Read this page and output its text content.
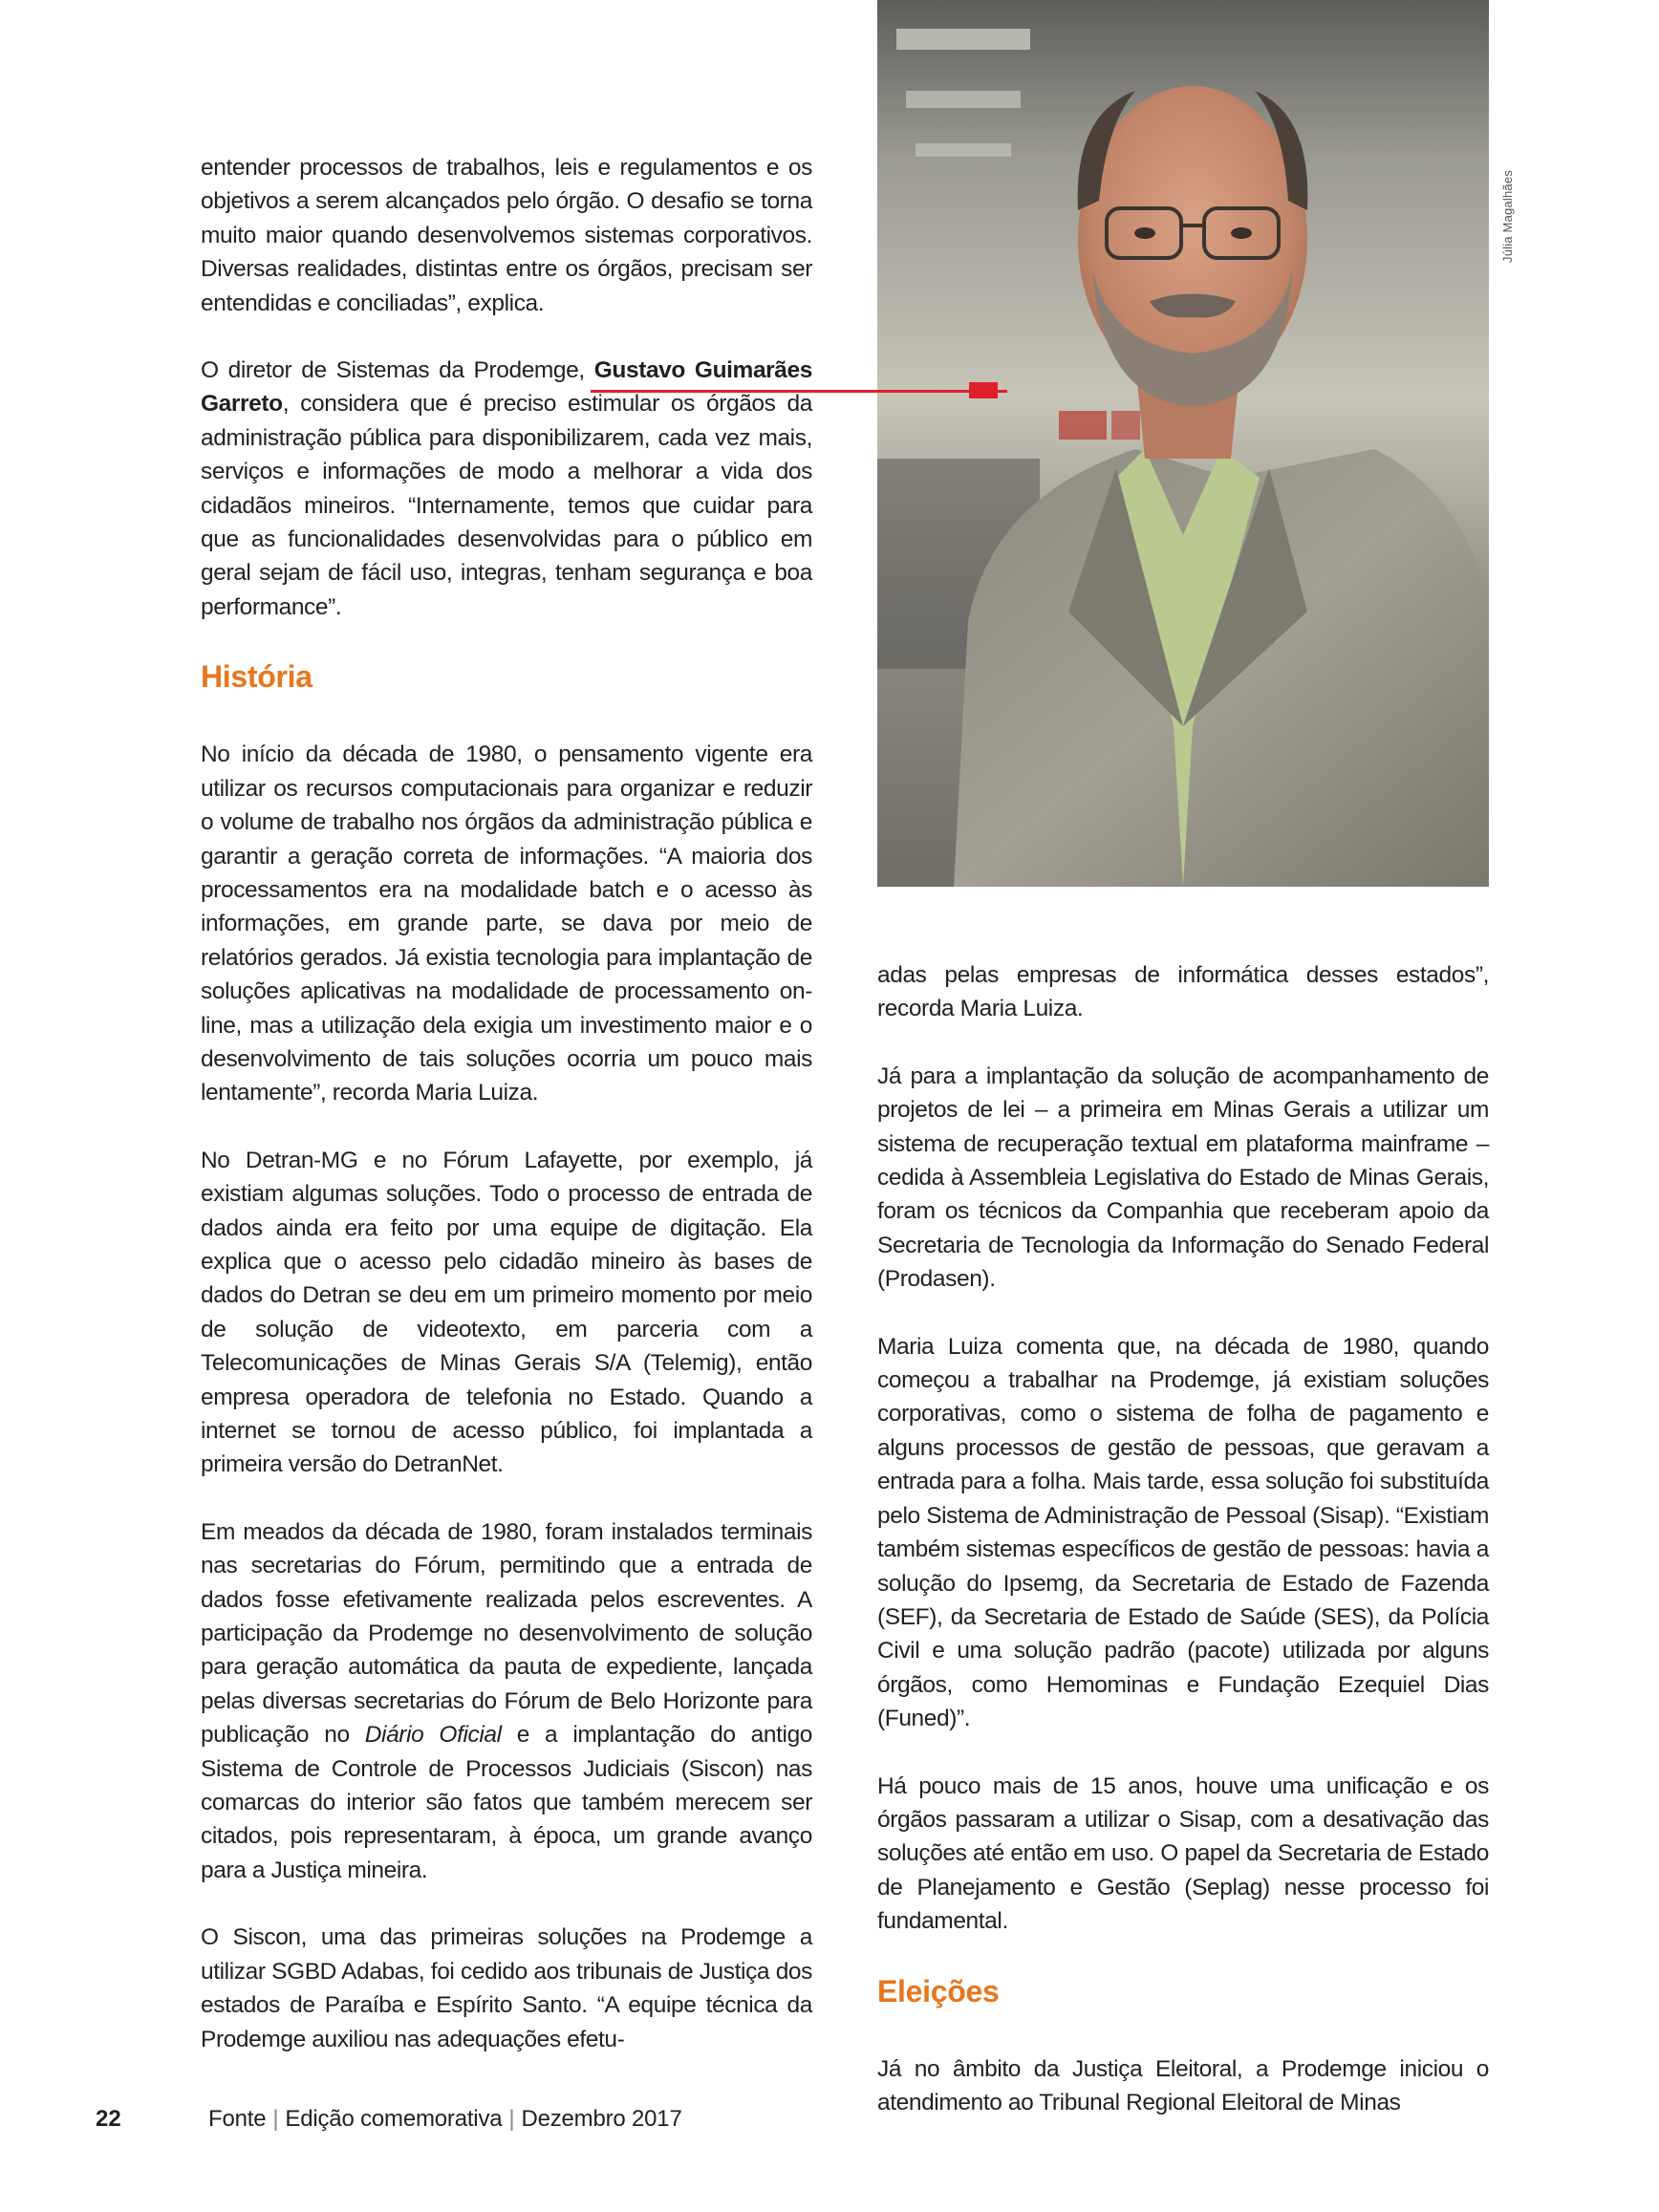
Júlia Magalhães

entender processos de trabalhos, leis e regulamentos e os objetivos a serem alcançados pelo órgão. O desafio se torna muito maior quando desenvolvemos sistemas corporativos. Diversas realidades, distintas entre os órgãos, precisam ser entendidas e conciliadas”, explica.

O diretor de Sistemas da Prodemge, Gustavo Guimarães Garreto, considera que é preciso estimular os órgãos da administração pública para disponibilizarem, cada vez mais, serviços e informações de modo a melhorar a vida dos cidadãos mineiros. “Internamente, temos que cuidar para que as funcionalidades desenvolvidas para o público em geral sejam de fácil uso, integras, tenham segurança e boa performance”.

História

No início da década de 1980, o pensamento vigente era utilizar os recursos computacionais para organizar e reduzir o volume de trabalho nos órgãos da administração pública e garantir a geração correta de informações. “A maioria dos processamentos era na modalidade batch e o acesso às informações, em grande parte, se dava por meio de relatórios gerados. Já existia tecnologia para implantação de soluções aplicativas na modalidade de processamento on-line, mas a utilização dela exigia um investimento maior e o desenvolvimento de tais soluções ocorria um pouco mais lentamente”, recorda Maria Luiza.

No Detran-MG e no Fórum Lafayette, por exemplo, já existiam algumas soluções. Todo o processo de entrada de dados ainda era feito por uma equipe de digitação. Ela explica que o acesso pelo cidadão mineiro às bases de dados do Detran se deu em um primeiro momento por meio de solução de videotexto, em parceria com a Telecomunicações de Minas Gerais S/A (Telemig), então empresa operadora de telefonia no Estado. Quando a internet se tornou de acesso público, foi implantada a primeira versão do DetranNet.

Em meados da década de 1980, foram instalados terminais nas secretarias do Fórum, permitindo que a entrada de dados fosse efetivamente realizada pelos escreventes. A participação da Prodemge no desenvolvimento de solução para geração automática da pauta de expediente, lançada pelas diversas secretarias do Fórum de Belo Horizonte para publicação no Diário Oficial e a implantação do antigo Sistema de Controle de Processos Judiciais (Siscon) nas comarcas do interior são fatos que também merecem ser citados, pois representaram, à época, um grande avanço para a Justiça mineira.

O Siscon, uma das primeiras soluções na Prodemge a utilizar SGBD Adabas, foi cedido aos tribunais de Justiça dos estados de Paraíba e Espírito Santo. “A equipe técnica da Prodemge auxiliou nas adequações efetu-

adas pelas empresas de informática desses estados”, recorda Maria Luiza.

Já para a implantação da solução de acompanhamento de projetos de lei – a primeira em Minas Gerais a utilizar um sistema de recuperação textual em plataforma mainframe – cedida à Assembleia Legislativa do Estado de Minas Gerais, foram os técnicos da Companhia que receberam apoio da Secretaria de Tecnologia da Informação do Senado Federal (Prodasen).

Maria Luiza comenta que, na década de 1980, quando começou a trabalhar na Prodemge, já existiam soluções corporativas, como o sistema de folha de pagamento e alguns processos de gestão de pessoas, que geravam a entrada para a folha. Mais tarde, essa solução foi substituída pelo Sistema de Administração de Pessoal (Sisap). “Existiam também sistemas específicos de gestão de pessoas: havia a solução do Ipsemg, da Secretaria de Estado de Fazenda (SEF), da Secretaria de Estado de Saúde (SES), da Polícia Civil e uma solução padrão (pacote) utilizada por alguns órgãos, como Hemominas e Fundação Ezequiel Dias (Funed)”.

Há pouco mais de 15 anos, houve uma unificação e os órgãos passaram a utilizar o Sisap, com a desativação das soluções até então em uso. O papel da Secretaria de Estado de Planejamento e Gestão (Seplag) nesse processo foi fundamental.

Eleições

Já no âmbito da Justiça Eleitoral, a Prodemge iniciou o atendimento ao Tribunal Regional Eleitoral de Minas

22	Fonte | Edição comemorativa | Dezembro 2017
